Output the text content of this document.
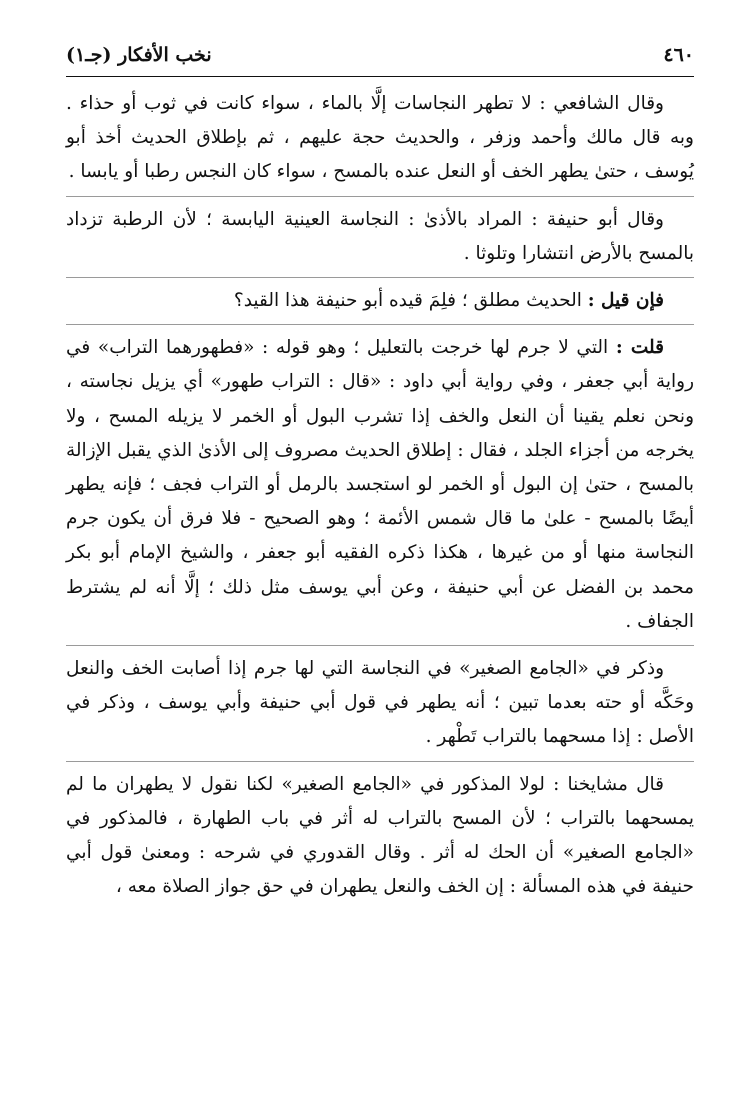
٤٦٠
نخب الأفكار (جـ١)

وقال الشافعي : لا تطهر النجاسات إلَّا بالماء ، سواء كانت في ثوب أو حذاء . وبه قال مالك وأحمد وزفر ، والحديث حجة عليهم ، ثم بإطلاق الحديث أخذ أبو يُوسف ، حتىٰ يطهر الخف أو النعل عنده بالمسح ، سواء كان النجس رطبا أو يابسا .

وقال أبو حنيفة : المراد بالأذىٰ : النجاسة العينية اليابسة ؛ لأن الرطبة تزداد بالمسح بالأرض انتشارا وتلوثا .

فإن قيل : الحديث مطلق ؛ فلِمَ قيده أبو حنيفة هذا القيد؟

قلت : التي لا جرم لها خرجت بالتعليل ؛ وهو قوله : «فطهورهما التراب» في رواية أبي جعفر ، وفي رواية أبي داود : «قال : التراب طهور» أي يزيل نجاسته ، ونحن نعلم يقينا أن النعل والخف إذا تشرب البول أو الخمر لا يزيله المسح ، ولا يخرجه من أجزاء الجلد ، فقال : إطلاق الحديث مصروف إلى الأذىٰ الذي يقبل الإزالة بالمسح ، حتىٰ إن البول أو الخمر لو استجسد بالرمل أو التراب فجف ؛ فإنه يطهر أيضًا بالمسح - علىٰ ما قال شمس الأئمة ؛ وهو الصحيح - فلا فرق أن يكون جرم النجاسة منها أو من غيرها ، هكذا ذكره الفقيه أبو جعفر ، والشيخ الإمام أبو بكر محمد بن الفضل عن أبي حنيفة ، وعن أبي يوسف مثل ذلك ؛ إلَّا أنه لم يشترط الجفاف .

وذكر في «الجامع الصغير» في النجاسة التي لها جرم إذا أصابت الخف والنعل وحَكَّه أو حته بعدما تبين ؛ أنه يطهر في قول أبي حنيفة وأبي يوسف ، وذكر في الأصل : إذا مسحهما بالتراب تَطْهر .

قال مشايخنا : لولا المذكور في «الجامع الصغير» لكنا نقول لا يطهران ما لم يمسحهما بالتراب ؛ لأن المسح بالتراب له أثر في باب الطهارة ، فالمذكور في «الجامع الصغير» أن الحك له أثر . وقال القدوري في شرحه : ومعنىٰ قول أبي حنيفة في هذه المسألة : إن الخف والنعل يطهران في حق جواز الصلاة معه ،
